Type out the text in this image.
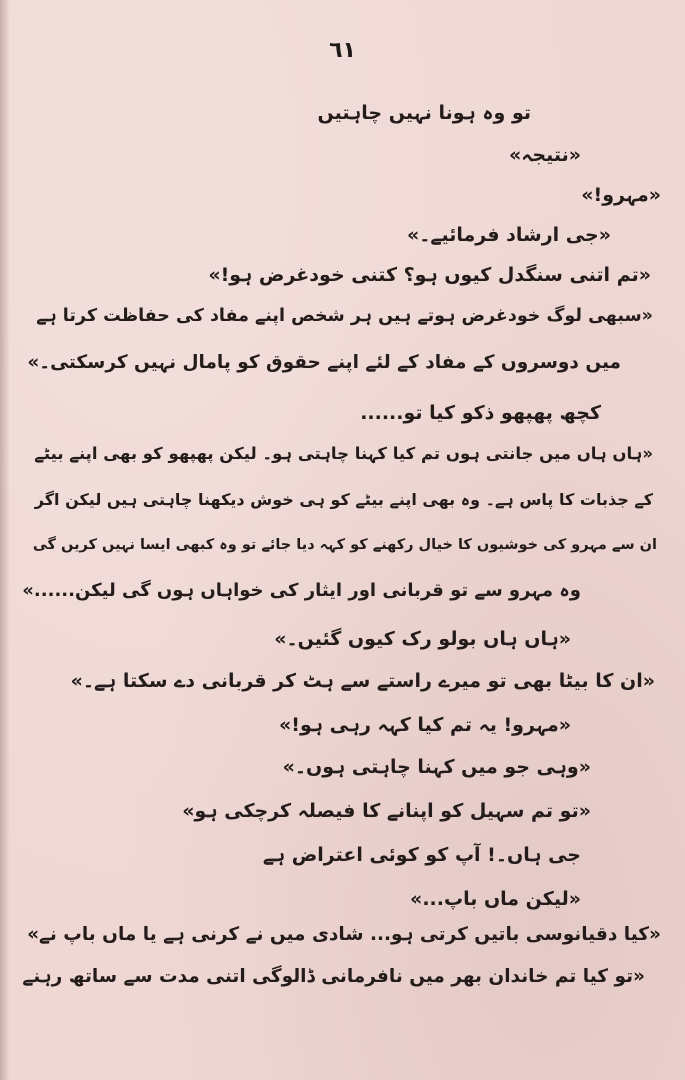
٦١
تو وہ ہونا نہیں چاہتیں
«نتیجہ»
«مہرو!»
«جی ارشاد فرمائیے۔»
«تم اتنی سنگدل کیوں ہو؟ کتنی خودغرض ہو!»
«سبھی لوگ خودغرض ہوتے ہیں ہر شخص اپنے مفاد کی حفاظت کرتا ہے
میں دوسروں کے مفاد کے لئے اپنے حقوق کو پامال نہیں کرسکتی۔»
کچھ پھپھو ذکو کیا تو......
«ہاں ہاں میں جانتی ہوں تم کیا کہنا چاہتی ہو۔ لیکن پھپھو کو بھی اپنے بیٹے
کے جذبات کا پاس ہے۔ وہ بھی اپنے بیٹے کو ہی خوش دیکھنا چاہتی ہیں لیکن اگر
ان سے مہرو کی خوشیوں کا خیال رکھنے کو کہہ دیا جائے تو وہ کبھی ایسا نہیں کریں گی
وہ مہرو سے تو قربانی اور ایثار کی خواہاں ہوں گی لیکن......»
«ہاں ہاں بولو رک کیوں گئیں۔»
«ان کا بیٹا بھی تو میرے راستے سے ہٹ کر قربانی دے سکتا ہے۔»
«مہرو! یہ تم کیا کہہ رہی ہو!»
«وہی جو میں کہنا چاہتی ہوں۔»
«تو تم سہیل کو اپنانے کا فیصلہ کرچکی ہو»
جی ہاں۔! آپ کو کوئی اعتراض ہے
«لیکن ماں باپ...»
«کیا دقیانوسی باتیں کرتی ہو... شادی میں نے کرنی ہے یا ماں باپ نے»
«تو کیا تم خاندان بھر میں نافرمانی ڈالوگی اتنی مدت سے ساتھ رہنے
